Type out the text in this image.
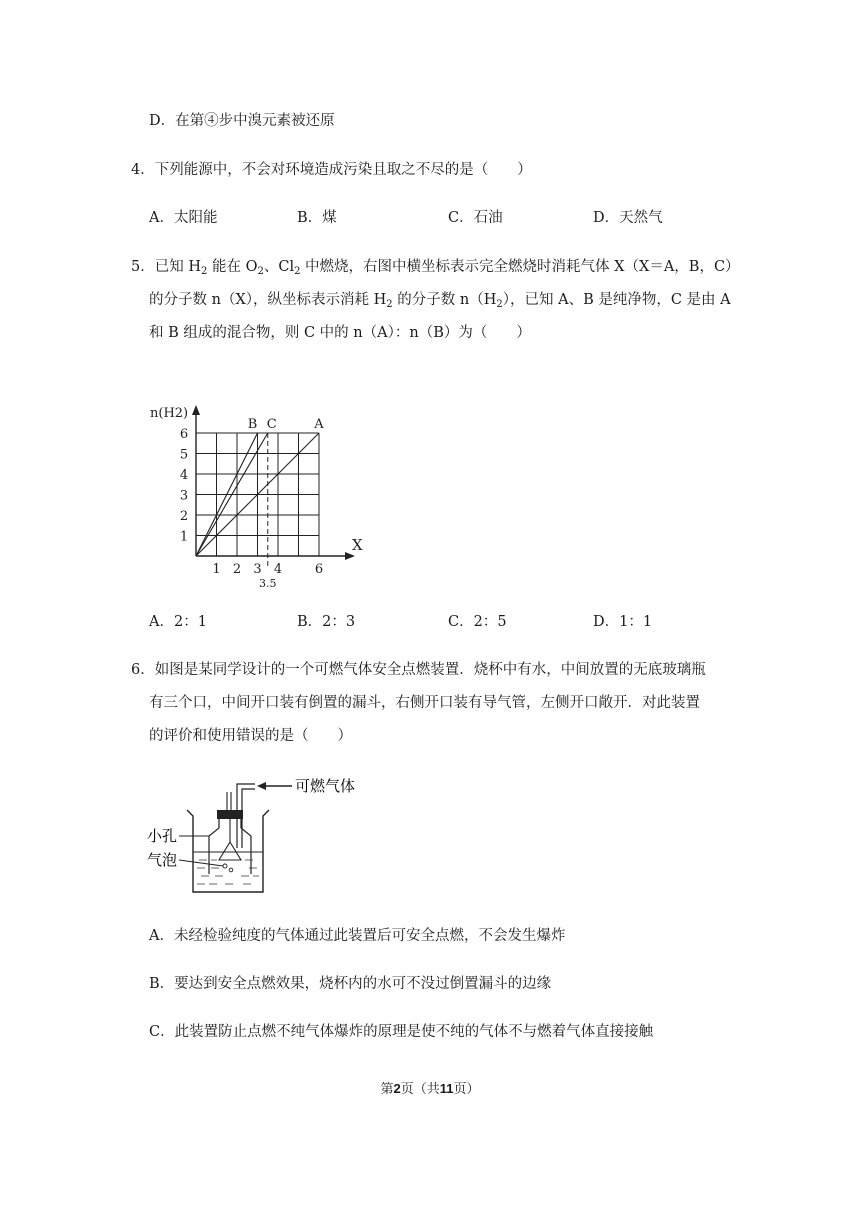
D．在第④步中溴元素被还原
4．下列能源中，不会对环境造成污染且取之不尽的是（　　）
A．太阳能	B．煤	C．石油	D．天然气
5．已知 $H_2$ 能在 $O_2$、$Cl_2$ 中燃烧，右图中横坐标表示完全燃烧时消耗气体 X（X＝A，B，C）
的分子数 n（X），纵坐标表示消耗 $H_2$ 的分子数 $n(H_2)$，已知 A、B 是纯净物，C 是由 A
和 B 组成的混合物，则 C 中的 n（A）：n（B）为（　　）
B C	A
1
2
3
4
5
6
1 2 3 4	6
3.5
n(H2)
X
A．2：1	B．2：3	C．2：5	D．1：1
6．如图是某同学设计的一个可燃气体安全点燃装置．烧杯中有水，中间放置的无底玻璃瓶
有三个口，中间开口装有倒置的漏斗，右侧开口装有导气管，左侧开口敞开．对此装置
的评价和使用错误的是（　　）
可燃气体
小孔
气泡
A．未经检验纯度的气体通过此装置后可安全点燃，不会发生爆炸
B．要达到安全点燃效果，烧杯内的水可不没过倒置漏斗的边缘
C．此装置防止点燃不纯气体爆炸的原理是使不纯的气体不与燃着气体直接接触
第2页（共11页）
